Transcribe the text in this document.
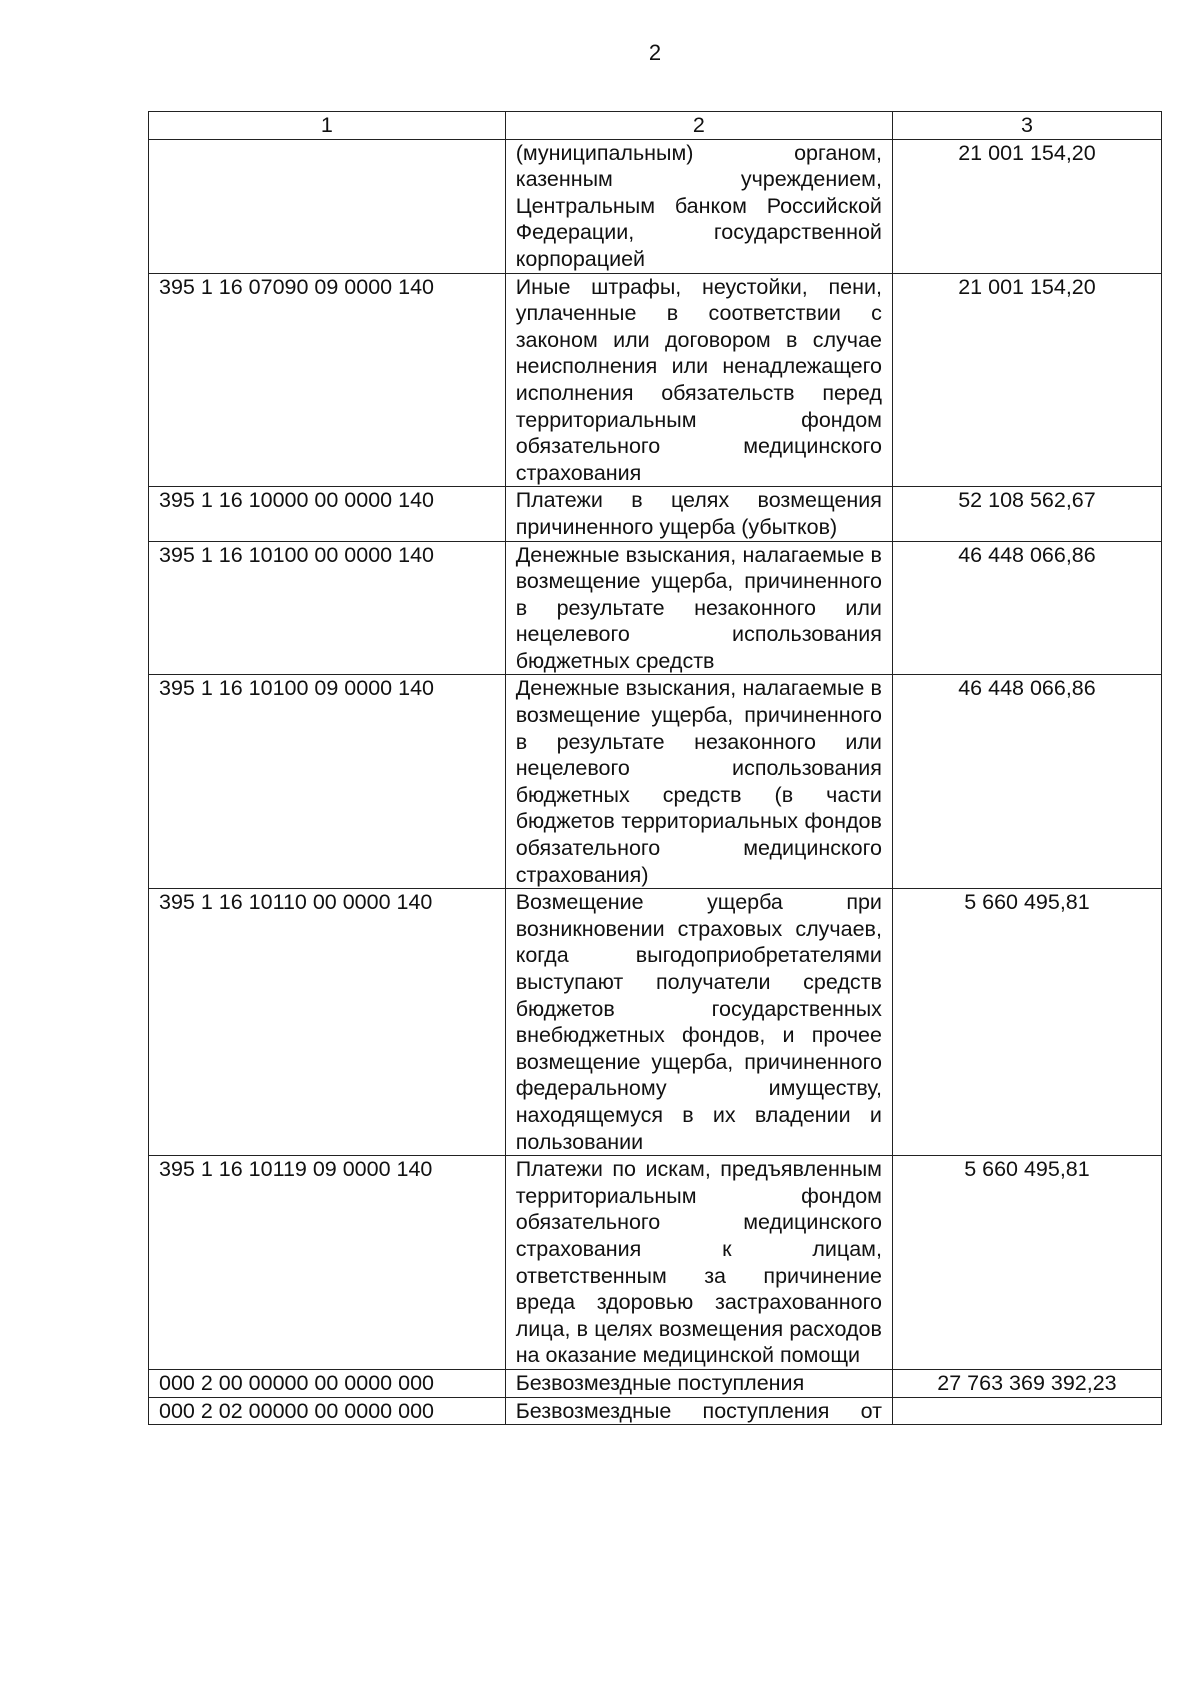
2
1	2	3
	(муниципальным) органом, казенным учреждением, Центральным банком Российской Федерации, государственной корпорацией	21 001 154,20
395 1 16 07090 09 0000 140	Иные штрафы, неустойки, пени, уплаченные в соответствии с законом или договором в случае неисполнения или ненадлежащего исполнения обязательств перед территориальным фондом обязательного медицинского страхования	21 001 154,20
395 1 16 10000 00 0000 140	Платежи в целях возмещения причиненного ущерба (убытков)	52 108 562,67
395 1 16 10100 00 0000 140	Денежные взыскания, налагаемые в возмещение ущерба, причиненного в результате незаконного или нецелевого использования бюджетных средств	46 448 066,86
395 1 16 10100 09 0000 140	Денежные взыскания, налагаемые в возмещение ущерба, причиненного в результате незаконного или нецелевого использования бюджетных средств (в части бюджетов территориальных фондов обязательного медицинского страхования)	46 448 066,86
395 1 16 10110 00 0000 140	Возмещение ущерба при возникновении страховых случаев, когда выгодоприобретателями выступают получатели средств бюджетов государственных внебюджетных фондов, и прочее возмещение ущерба, причиненного федеральному имуществу, находящемуся в их владении и пользовании	5 660 495,81
395 1 16 10119 09 0000 140	Платежи по искам, предъявленным территориальным фондом обязательного медицинского страхования к лицам, ответственным за причинение вреда здоровью застрахованного лица, в целях возмещения расходов на оказание медицинской помощи	5 660 495,81
000 2 00 00000 00 0000 000	Безвозмездные поступления	27 763 369 392,23
000 2 02 00000 00 0000 000	Безвозмездные поступления от	
